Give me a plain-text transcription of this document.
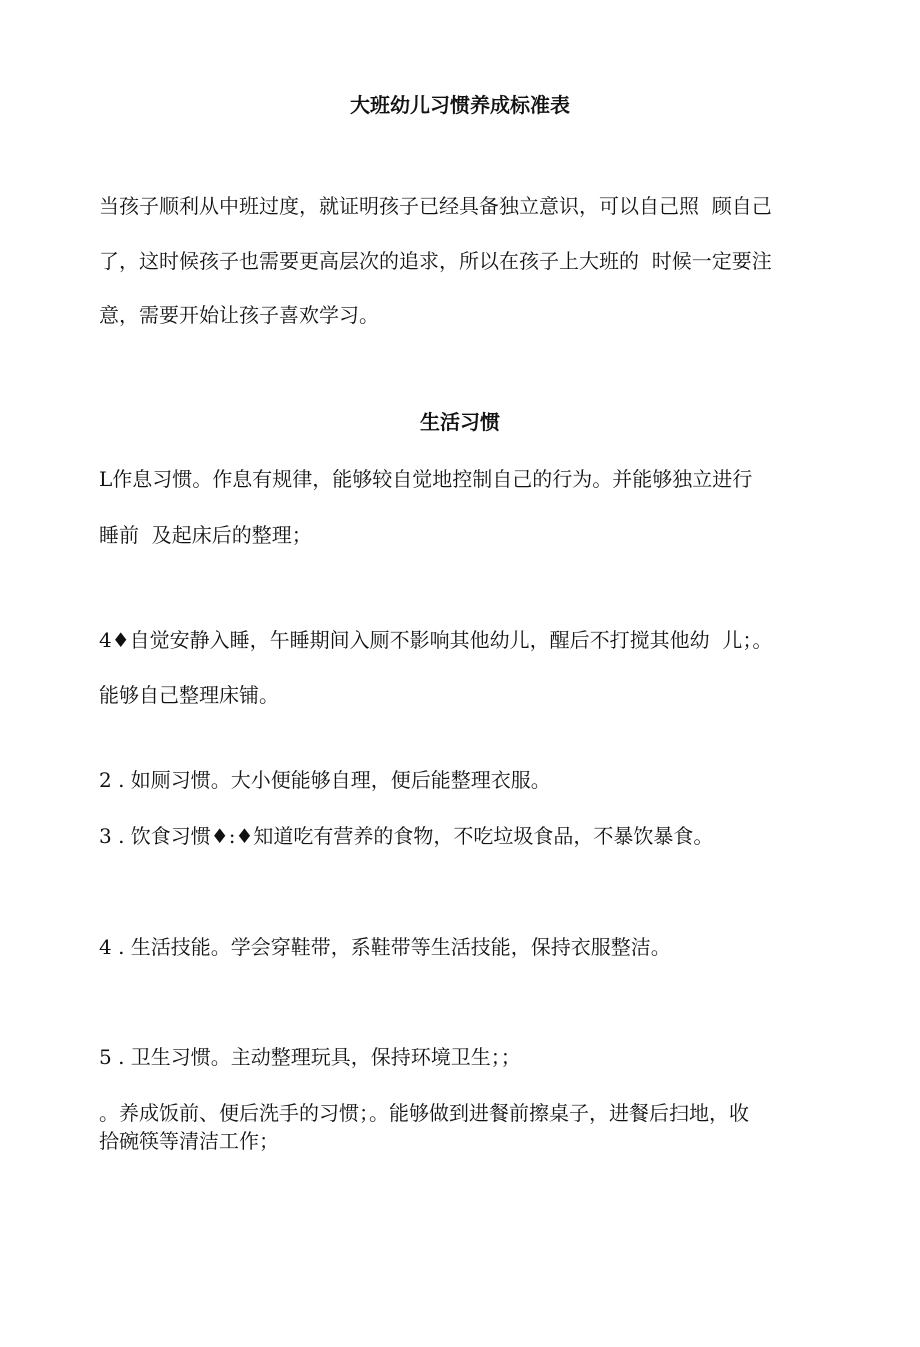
大班幼儿习惯养成标准表
当孩子顺利从中班过度，就证明孩子已经具备独立意识，可以自己照  顾自己
了，这时候孩子也需要更高层次的追求，所以在孩子上大班的  时候一定要注
意，需要开始让孩子喜欢学习。
生活习惯
L作息习惯。作息有规律，能够较自觉地控制自己的行为。并能够独立进行
睡前  及起床后的整理；
4♦自觉安静入睡，午睡期间入厕不影响其他幼儿，醒后不打搅其他幼  儿；。
能够自己整理床铺。
2 . 如厕习惯。大小便能够自理，便后能整理衣服。
3 . 饮食习惯♦:♦知道吃有营养的食物，不吃垃圾食品，不暴饮暴食。
4 . 生活技能。学会穿鞋带，系鞋带等生活技能，保持衣服整洁。
5 . 卫生习惯。主动整理玩具，保持环境卫生；；
。养成饭前、便后洗手的习惯；。能够做到进餐前擦桌子，进餐后扫地，收
拾碗筷等清洁工作；
